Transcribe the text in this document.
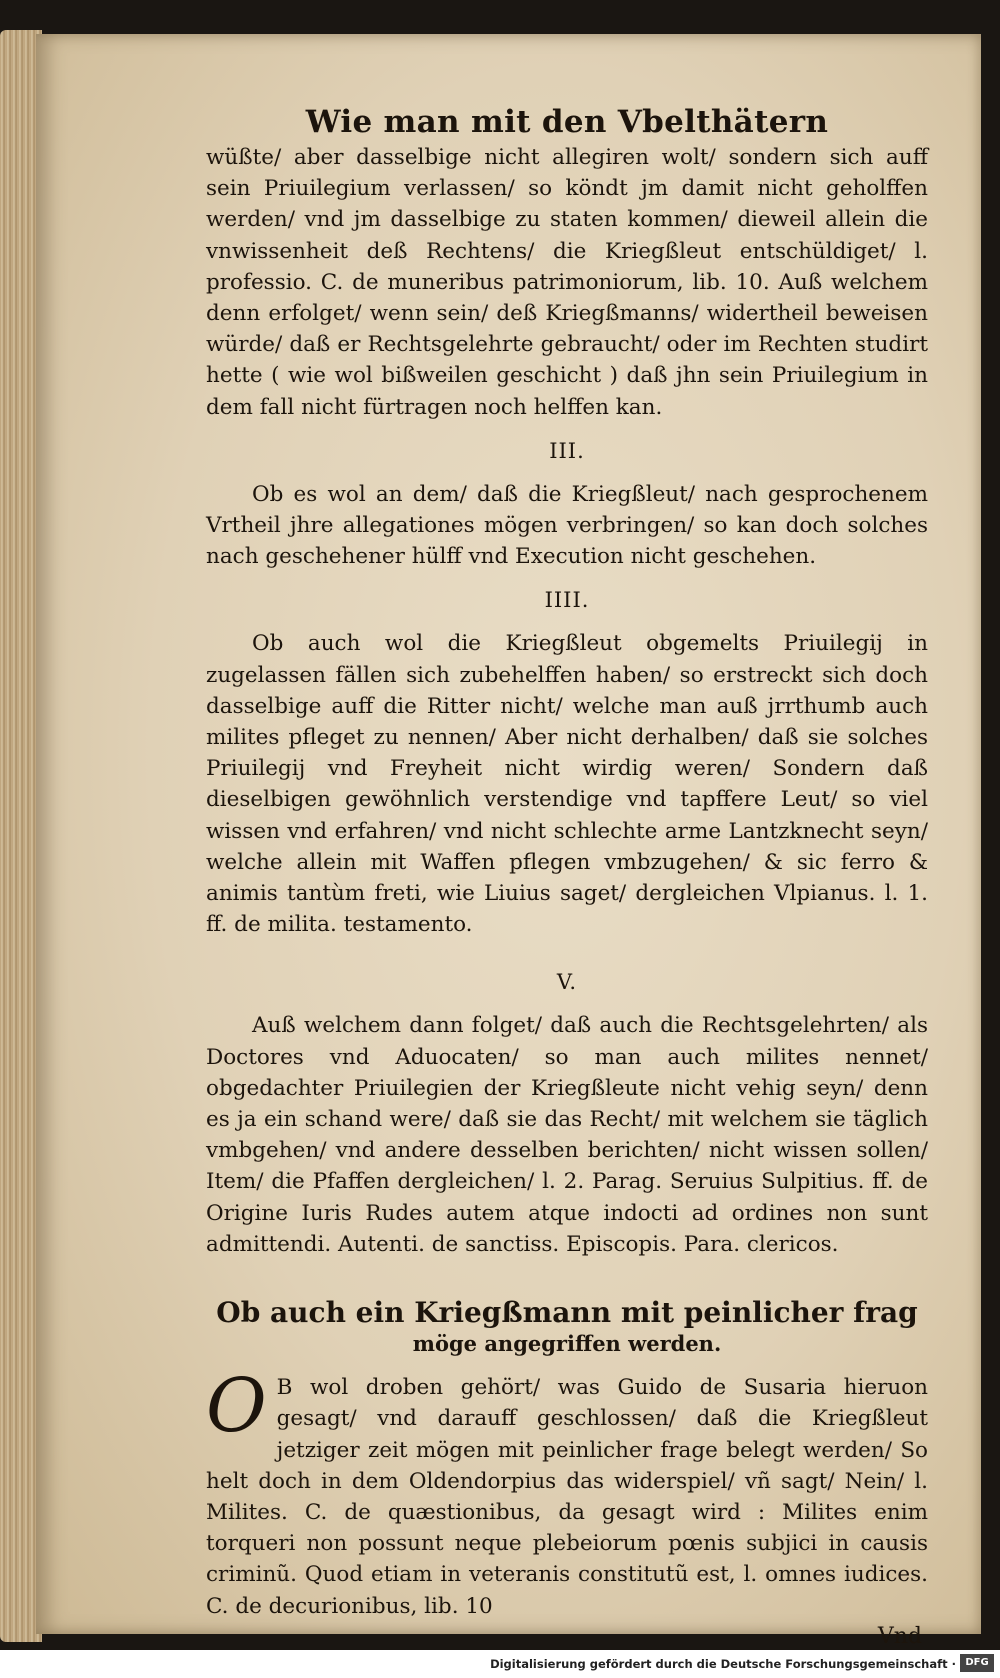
Wie man mit den Vbelthätern

wüßte/ aber dasselbige nicht allegiren wolt/ sondern sich auff sein Priuilegium verlassen/ so köndt jm damit nicht geholffen werden/ vnd jm dasselbige zu staten kommen/ dieweil allein die vnwissenheit deß Rechtens/ die Kriegßleut entschüldiget/ l. professio. C. de muneribus patrimoniorum, lib. 10. Auß welchem denn erfolget/ wenn sein/ deß Kriegßmanns/ widertheil beweisen würde/ daß er Rechtsgelehrte gebraucht/ oder im Rechten studirt hette ( wie wol bißweilen geschicht ) daß jhn sein Priuilegium in dem fall nicht fürtragen noch helffen kan.

III.

Ob es wol an dem/ daß die Kriegßleut/ nach gesprochenem Vrtheil jhre allegationes mögen verbringen/ so kan doch solches nach geschehener hülff vnd Execution nicht geschehen.

IIII.

Ob auch wol die Kriegßleut obgemelts Priuilegij in zugelassen fällen sich zubehelffen haben/ so erstreckt sich doch dasselbige auff die Ritter nicht/ welche man auß jrrthumb auch milites pfleget zu nennen/ Aber nicht derhalben/ daß sie solches Priuilegij vnd Freyheit nicht wirdig weren/ Sondern daß dieselbigen gewöhnlich verstendige vnd tapffere Leut/ so viel wissen vnd erfahren/ vnd nicht schlechte arme Lantzknecht seyn/ welche allein mit Waffen pflegen vmbzugehen/ & sic ferro & animis tantùm freti, wie Liuius saget/ dergleichen Vlpianus. l. 1. ff. de milita. testamento.

V.

Auß welchem dann folget/ daß auch die Rechtsgelehrten/ als Doctores vnd Aduocaten/ so man auch milites nennet/ obgedachter Priuilegien der Kriegßleute nicht vehig seyn/ denn es ja ein schand were/ daß sie das Recht/ mit welchem sie täglich vmbgehen/ vnd andere desselben berichten/ nicht wissen sollen/ Item/ die Pfaffen dergleichen/ l. 2. Parag. Seruius Sulpitius. ff. de Origine Iuris Rudes autem atque indocti ad ordines non sunt admittendi. Autenti. de sanctiss. Episcopis. Para. clericos.

Ob auch ein Kriegßmann mit peinlicher frag
möge angegriffen werden.

O B wol droben gehört/ was Guido de Susaria hieruon gesagt/ vnd darauff geschlossen/ daß die Kriegßleut jetziger zeit mögen mit peinlicher frage belegt werden/ So helt doch in dem Oldendorpius das widerspiel/ vñ sagt/ Nein/ l. Milites. C. de quæstionibus, da gesagt wird : Milites enim torqueri non possunt neque plebeiorum pœnis subjici in causis criminũ. Quod etiam in veteranis constitutũ est, l. omnes iudices. C. de decurionibus, lib. 10

Vnd
Digitalisierung gefördert durch die Deutsche Forschungsgemeinschaft · DFG
